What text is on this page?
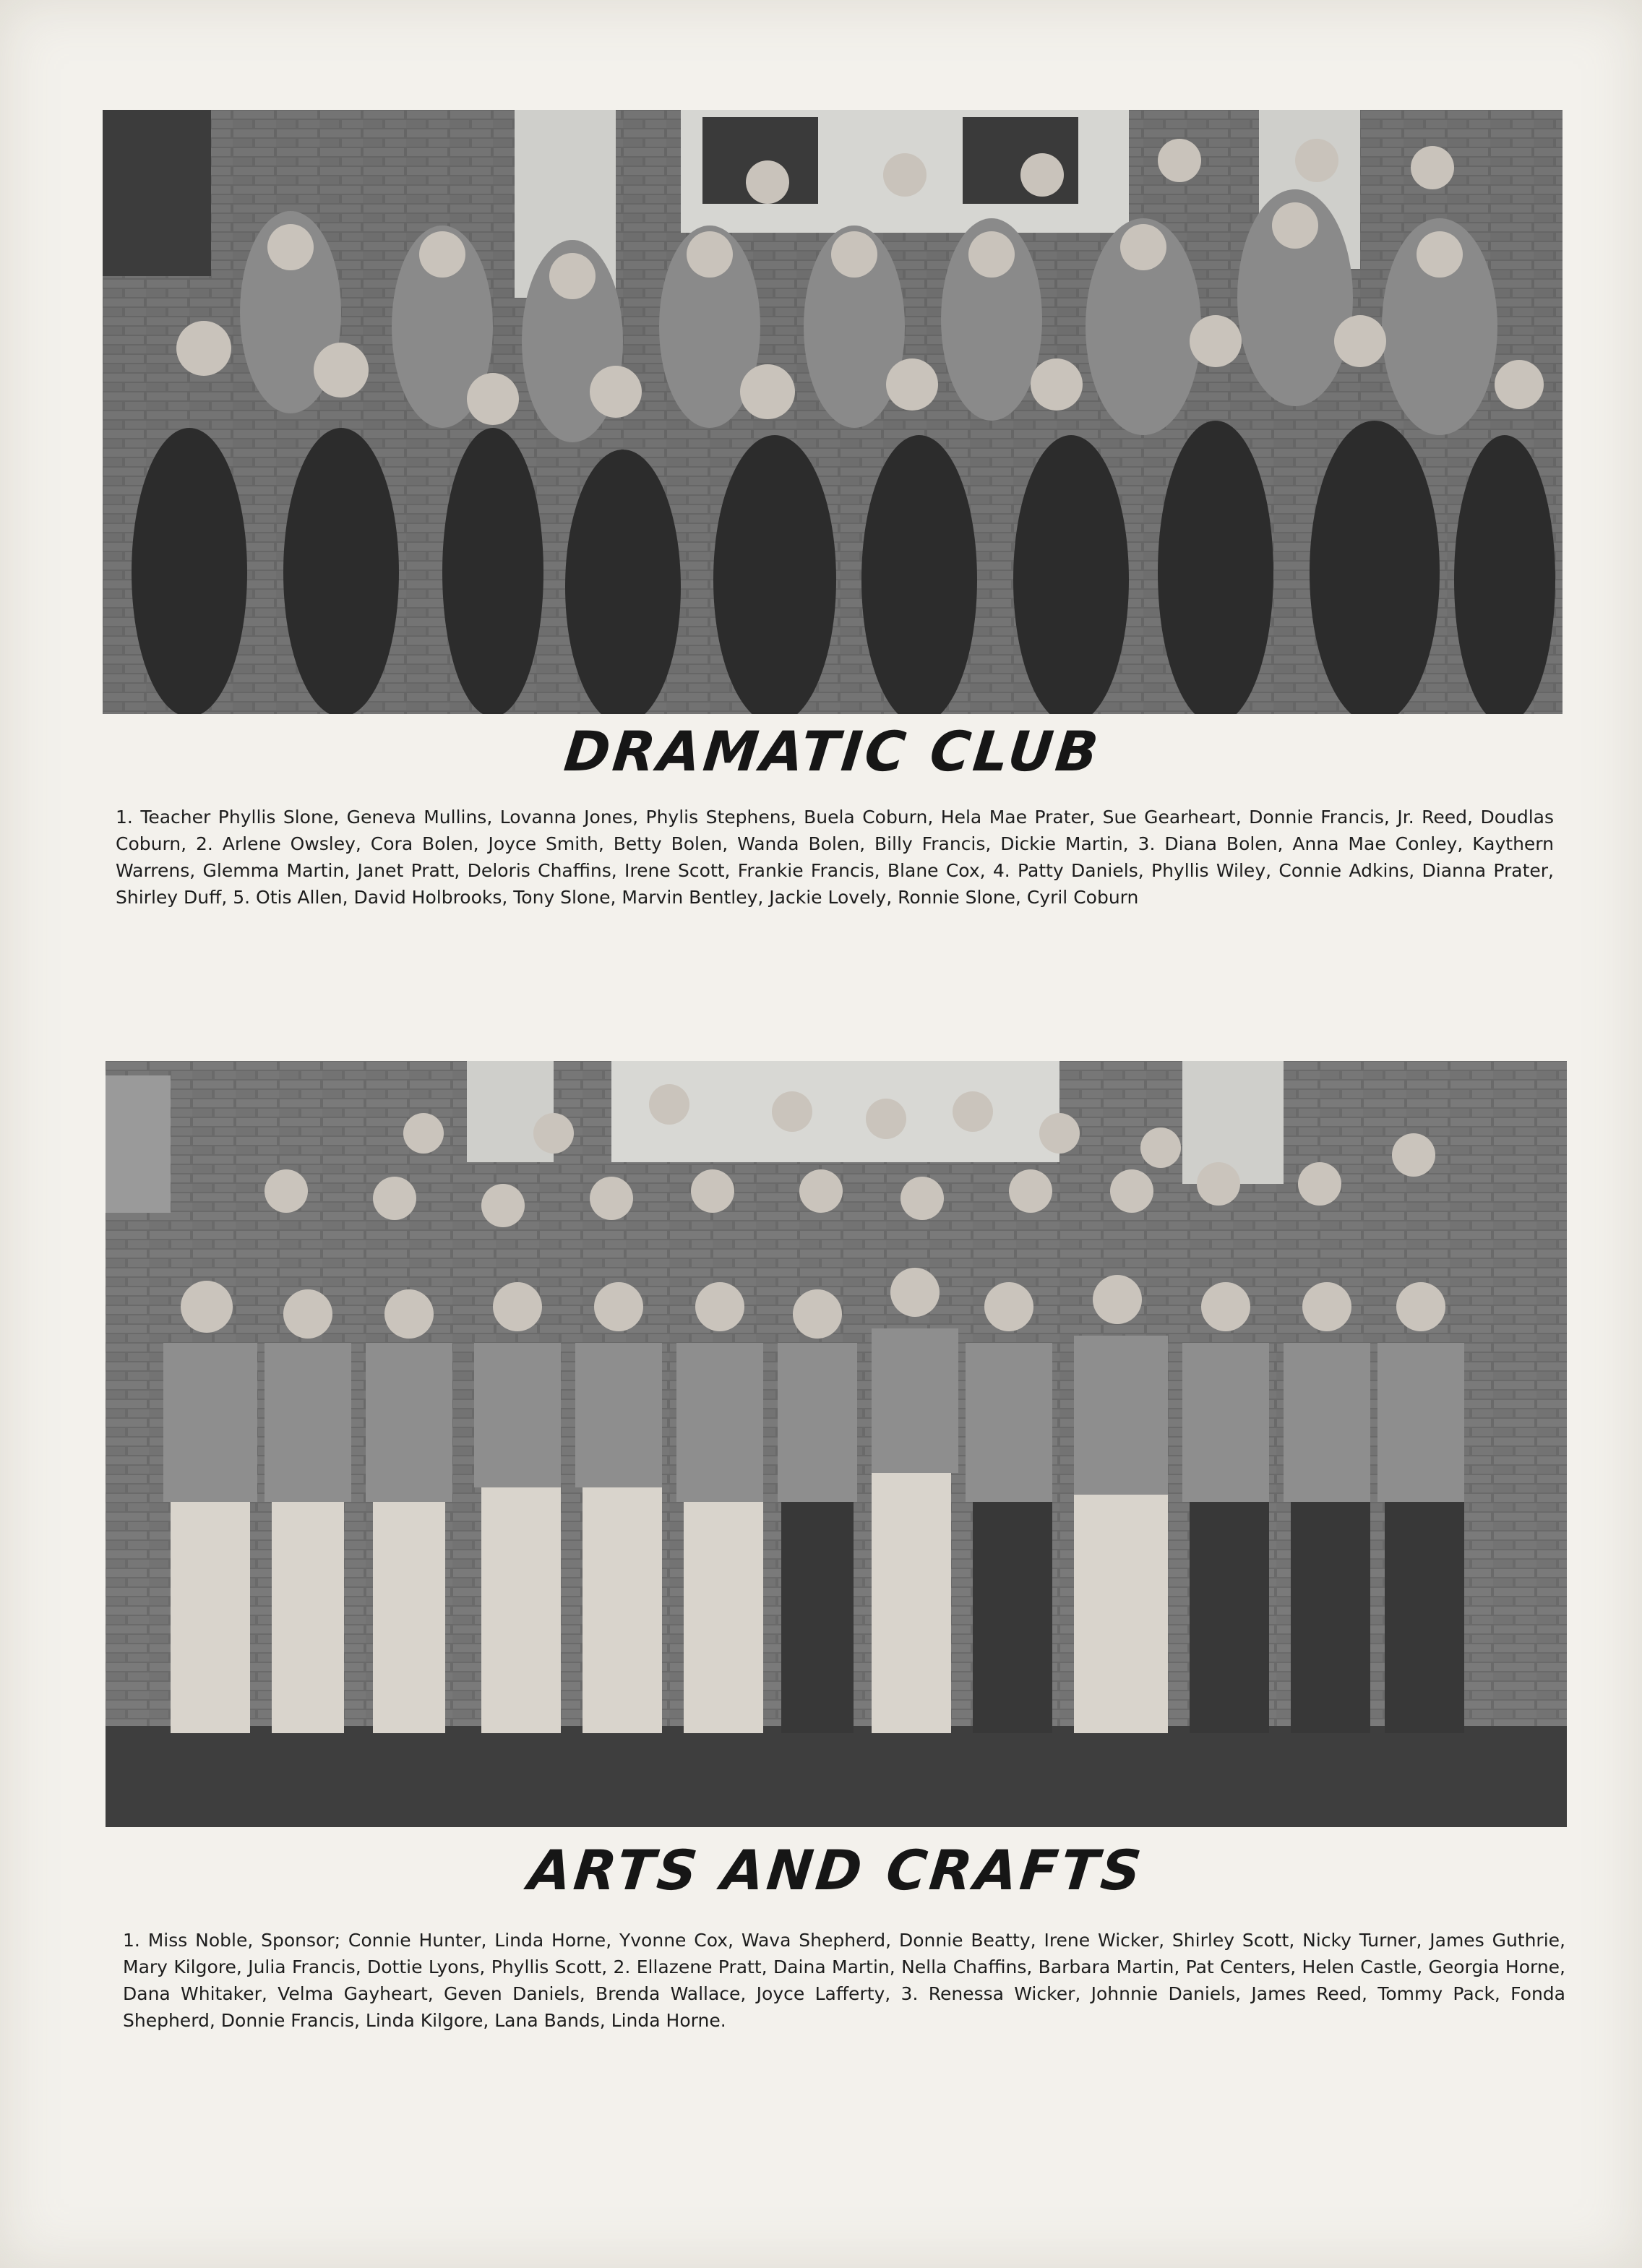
DRAMATIC CLUB
1. Teacher Phyllis Slone, Geneva Mullins, Lovanna Jones, Phylis Stephens, Buela Coburn, Hela Mae Prater, Sue Gearheart, Donnie Francis, Jr. Reed, Doudlas Coburn, 2. Arlene Owsley, Cora Bolen, Joyce Smith, Betty Bolen, Wanda Bolen, Billy Francis, Dickie Martin, 3. Diana Bolen, Anna Mae Conley, Kaythern Warrens, Glemma Martin, Janet Pratt, Deloris Chaffins, Irene Scott, Frankie Francis, Blane Cox, 4. Patty Daniels, Phyllis Wiley, Connie Adkins, Dianna Prater, Shirley Duff, 5. Otis Allen, David Holbrooks, Tony Slone, Marvin Bentley, Jackie Lovely, Ronnie Slone, Cyril Coburn
ARTS AND CRAFTS
1. Miss Noble, Sponsor; Connie Hunter, Linda Horne, Yvonne Cox, Wava Shepherd, Donnie Beatty, Irene Wicker, Shirley Scott, Nicky Turner, James Guthrie, Mary Kilgore, Julia Francis, Dottie Lyons, Phyllis Scott, 2. Ellazene Pratt, Daina Martin, Nella Chaffins, Barbara Martin, Pat Centers, Helen Castle, Georgia Horne, Dana Whitaker, Velma Gayheart, Geven Daniels, Brenda Wallace, Joyce Lafferty, 3. Renessa Wicker, Johnnie Daniels, James Reed, Tommy Pack, Fonda Shepherd, Donnie Francis, Linda Kilgore, Lana Bands, Linda Horne.
